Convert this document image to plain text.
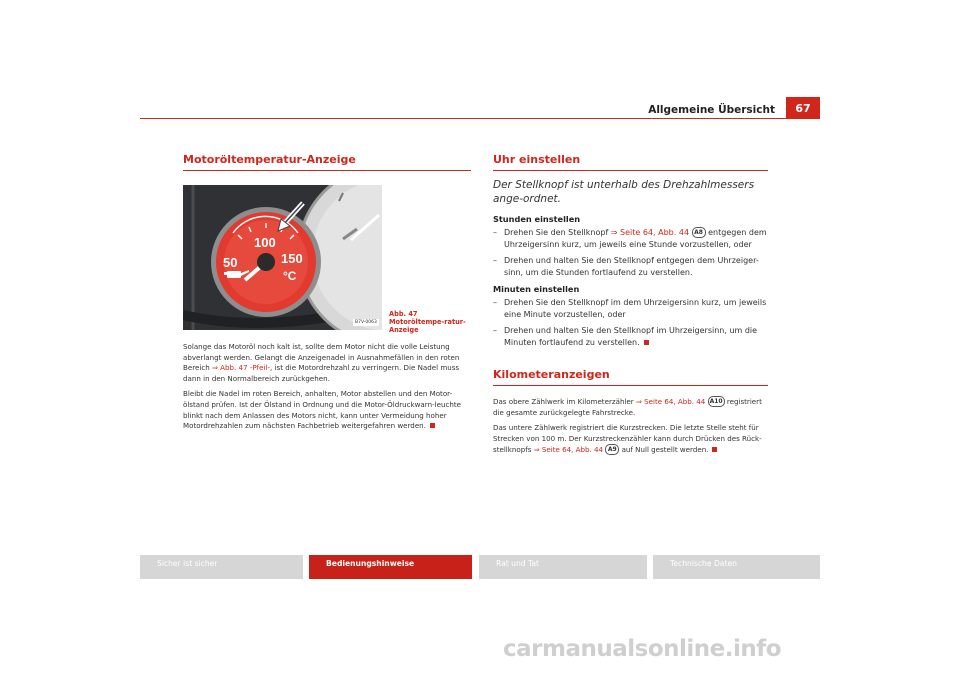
Allgemeine Übersicht	67
Motoröltemperatur-Anzeige
100
50	150
°C
B7V-0063
Abb. 47 Motoröltempe-ratur-Anzeige

Solange das Motoröl noch kalt ist, sollte dem Motor nicht die volle Leistung abverlangt werden. Gelangt die Anzeigenadel in Ausnahmefällen in den roten Bereich ⇒ Abb. 47 -Pfeil-, ist die Motordrehzahl zu verringern. Die Nadel muss dann in den Normalbereich zurückgehen.

Bleibt die Nadel im roten Bereich, anhalten, Motor abstellen und den Motor-ölstand prüfen. Ist der Ölstand in Ordnung und die Motor-Öldruckwarn-leuchte blinkt nach dem Anlassen des Motors nicht, kann unter Vermeidung hoher Motordrehzahlen zum nächsten Fachbetrieb weitergefahren werden.

Uhr einstellen
Der Stellknopf ist unterhalb des Drehzahlmessers ange-ordnet.
Stunden einstellen
– Drehen Sie den Stellknopf ⇒ Seite 64, Abb. 44 A8 entgegen dem Uhrzeigersinn kurz, um jeweils eine Stunde vorzustellen, oder
– Drehen und halten Sie den Stellknopf entgegen dem Uhrzeiger-sinn, um die Stunden fortlaufend zu verstellen.
Minuten einstellen
– Drehen Sie den Stellknopf im dem Uhrzeigersinn kurz, um jeweils eine Minute vorzustellen, oder
– Drehen und halten Sie den Stellknopf im Uhrzeigersinn, um die Minuten fortlaufend zu verstellen.
Kilometeranzeigen

Das obere Zählwerk im Kilometerzähler ⇒ Seite 64, Abb. 44 A10 registriert die gesamte zurückgelegte Fahrstrecke.

Das untere Zählwerk registriert die Kurzstrecken. Die letzte Stelle steht für Strecken von 100 m. Der Kurzstreckenzähler kann durch Drücken des Rück-stellknopfs ⇒ Seite 64, Abb. 44 A9 auf Null gestellt werden.

Sicher ist sicher	Bedienungshinweise	Rat und Tat	Technische Daten
carmanualsonline.info
